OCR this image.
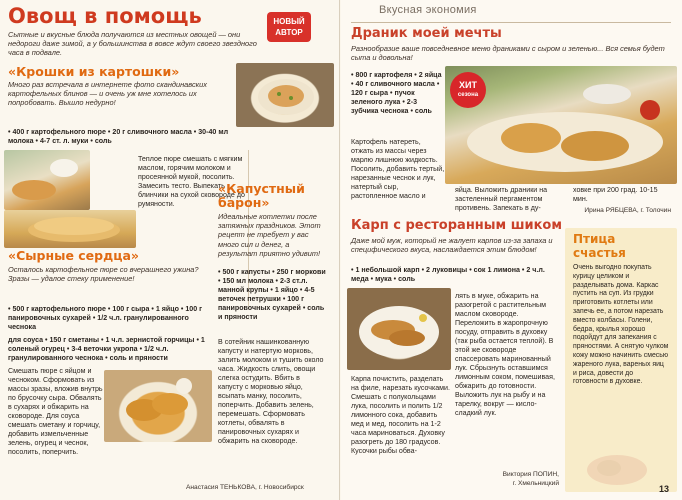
Овощ в помощь	НОВЫЙ
АВТОР
Сытные и вкусные блюда получаются из местных овощей — они недороги даже зимой, а у большинства в вовсе ждут своего звездного часа в подвале.
«Крошки из картошки»
Много раз встречала в интернете фото скандинавских картофельных блинов — и очень уж мне хотелось их попробовать. Вышло недурно!
• 400 г картофельного пюре • 20 г сливочного масла • 30-40 мл молока • 4-7 ст. л. муки • соль
Теплое пюре смешать с мягким маслом, горячим молоком и просеянной мукой, посолить. Замесить тесто. Выпекать блинчики на сухой сковороде до румяности.
«Сырные сердца»
Осталось картофельное пюре со вчерашнего ужина? Зразы — удалое стеку применение!
• 500 г картофельного пюре • 100 г сыра • 1 яйцо • 100 г панировочных сухарей • 1/2 ч.л. гранулированного чеснока
для соуса • 150 г сметаны • 1 ч.л. зернистой горчицы • 1 соленый огурец • 3-4 веточки укропа • 1/2 ч.л. гранулированного чеснока • соль и пряности
Смешать пюре с яйцом и чесноком. Сформовать из массы зразы, вложив внутрь по брусочку сыра. Обвалять в сухарях и обжарить на сковороде. Для соуса смешать сметану и горчицу, добавить измельченные зелень, огурец и чеснок, посолить, поперчить.
«Капустный барон»
Идеальные котлетки после затяжных праздников. Этот рецепт не требует у вас много сил и денег, а результат приятно удивит!
• 500 г капусты • 250 г моркови • 150 мл молока • 2-3 ст.л. манной крупы • 1 яйцо • 4-5 веточек петрушки • 100 г панировочных сухарей • соль и пряности
В сотейник нашинкованную капусту и натертую морковь, залить молоком и тушить около часа. Жидкость слить, овощи слегка остудить. Вбить в капусту с морковью яйцо, всыпать манку, посолить, поперчить. Добавить зелень, перемешать. Сформовать котлеты, обвалять в панировочных сухарях и обжарить на сковороде.
Анастасия ТЕНЬКОВА, г. Новосибирск
Вкусная экономия
Драник моей мечты
Разнообразие ваше повседневное меню драниками с сыром и зеленью... Вся семья будет сыта и довольна!
• 800 г картофеля • 2 яйца • 40 г сливочного масла • 120 г сыра • пучок зеленого лука • 2-3 зубчика чеснока • соль
ХИТ
сезона
Картофель натереть, отжать из массы через марлю лишнюю жидкость. Посолить, добавить тертый, нарезанные чеснок и лук, натертый сыр, растопленное масло и
яйца. Выложить драники на застеленный пергаментом противень. Запекать в ду-
ховке при 200 град. 10-15 мин.
Ирина РЯБЦЕВА, г. Толочин
Карп с ресторанным шиком
Даже мой муж, который не жалует карпов из-за запаха и специфического вкуса, наслаждается этим блюдом!
• 1 небольшой карп • 2 луковицы • сок 1 лимона • 2 ч.л. меда • мука • соль
Карпа почистить, разделать на филе, нарезать кусочками. Смешать с полукольцами лука, посолить и полить 1/2 лимонного сока, добавить мед и мед, посолить на 1-2 часа мариноваться. Духовку разогреть до 180 градусов. Кусочки рыбы обва-
лять в муке, обжарить на разогретой с растительным маслом сковороде. Переложить в жаропрочную посуду, отправить в духовку (так рыба остается теплой). В этой же сковороде спассеровать маринованный лук. Сбрызнуть оставшимся лимонным соком, помешивая, обжарить до готовности. Выложить лук на рыбу и на тарелку, вокруг — кисло-сладкий лук.
Виктория ПОПИН,
г. Хмельницкий
Птица счастья
Очень выгодно покупать курицу целиком и разделывать дома. Каркас пустить на суп. Из грудки приготовить котлеты или запечь ее, а потом нарезать вместо колбасы. Голени, бедра, крылья хорошо подойдут для запекания с пряностями. А снятую чулком кожу можно начинить смесью жареного лука, вареных яиц и риса, довести до готовности в духовке.
13
